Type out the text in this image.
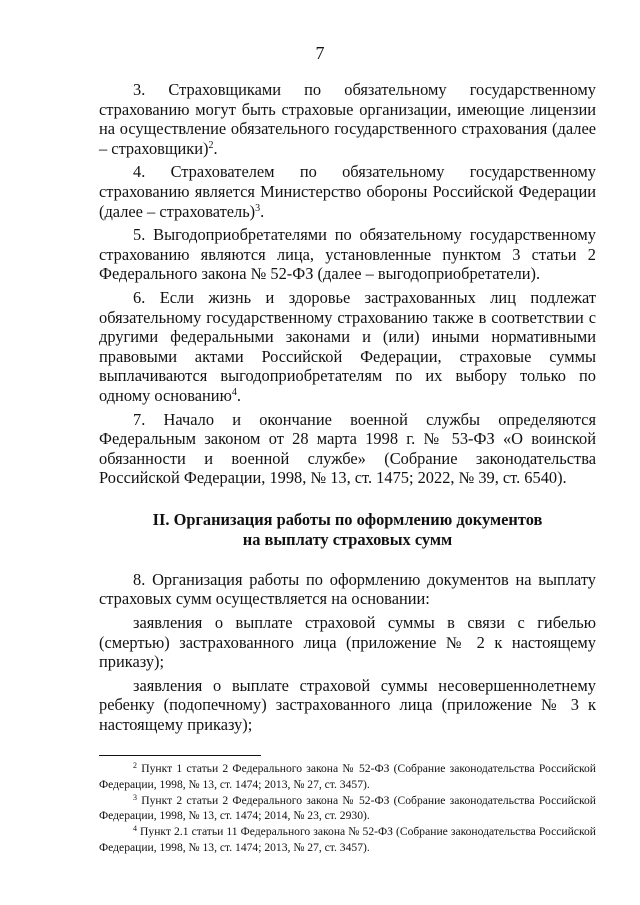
7

3. Страховщиками по обязательному государственному страхованию могут быть страховые организации, имеющие лицензии на осуществление обязательного государственного страхования (далее – страховщики)$^2$.

4. Страхователем по обязательному государственному страхованию является Министерство обороны Российской Федерации (далее – страхователь)$^3$.

5. Выгодоприобретателями по обязательному государственному страхованию являются лица, установленные пунктом 3 статьи 2 Федерального закона № 52-ФЗ (далее – выгодоприобретатели).

6. Если жизнь и здоровье застрахованных лиц подлежат обязательному государственному страхованию также в соответствии с другими федеральными законами и (или) иными нормативными правовыми актами Российской Федерации, страховые суммы выплачиваются выгодоприобретателям по их выбору только по одному основанию$^4$.

7. Начало и окончание военной службы определяются Федеральным законом от 28 марта 1998 г. № 53-ФЗ «О воинской обязанности и военной службе» (Собрание законодательства Российской Федерации, 1998, № 13, ст. 1475; 2022, № 39, ст. 6540).

II. Организация работы по оформлению документов
на выплату страховых сумм

8. Организация работы по оформлению документов на выплату страховых сумм осуществляется на основании:

заявления о выплате страховой суммы в связи с гибелью (смертью) застрахованного лица (приложение № 2 к настоящему приказу);

заявления о выплате страховой суммы несовершеннолетнему ребенку (подопечному) застрахованного лица (приложение № 3 к настоящему приказу);

$^2$ Пункт 1 статьи 2 Федерального закона № 52-ФЗ (Собрание законодательства Российской Федерации, 1998, № 13, ст. 1474; 2013, № 27, ст. 3457).

$^3$ Пункт 2 статьи 2 Федерального закона № 52-ФЗ (Собрание законодательства Российской Федерации, 1998, № 13, ст. 1474; 2014, № 23, ст. 2930).

$^4$ Пункт 2.1 статьи 11 Федерального закона № 52-ФЗ (Собрание законодательства Российской Федерации, 1998, № 13, ст. 1474; 2013, № 27, ст. 3457).
